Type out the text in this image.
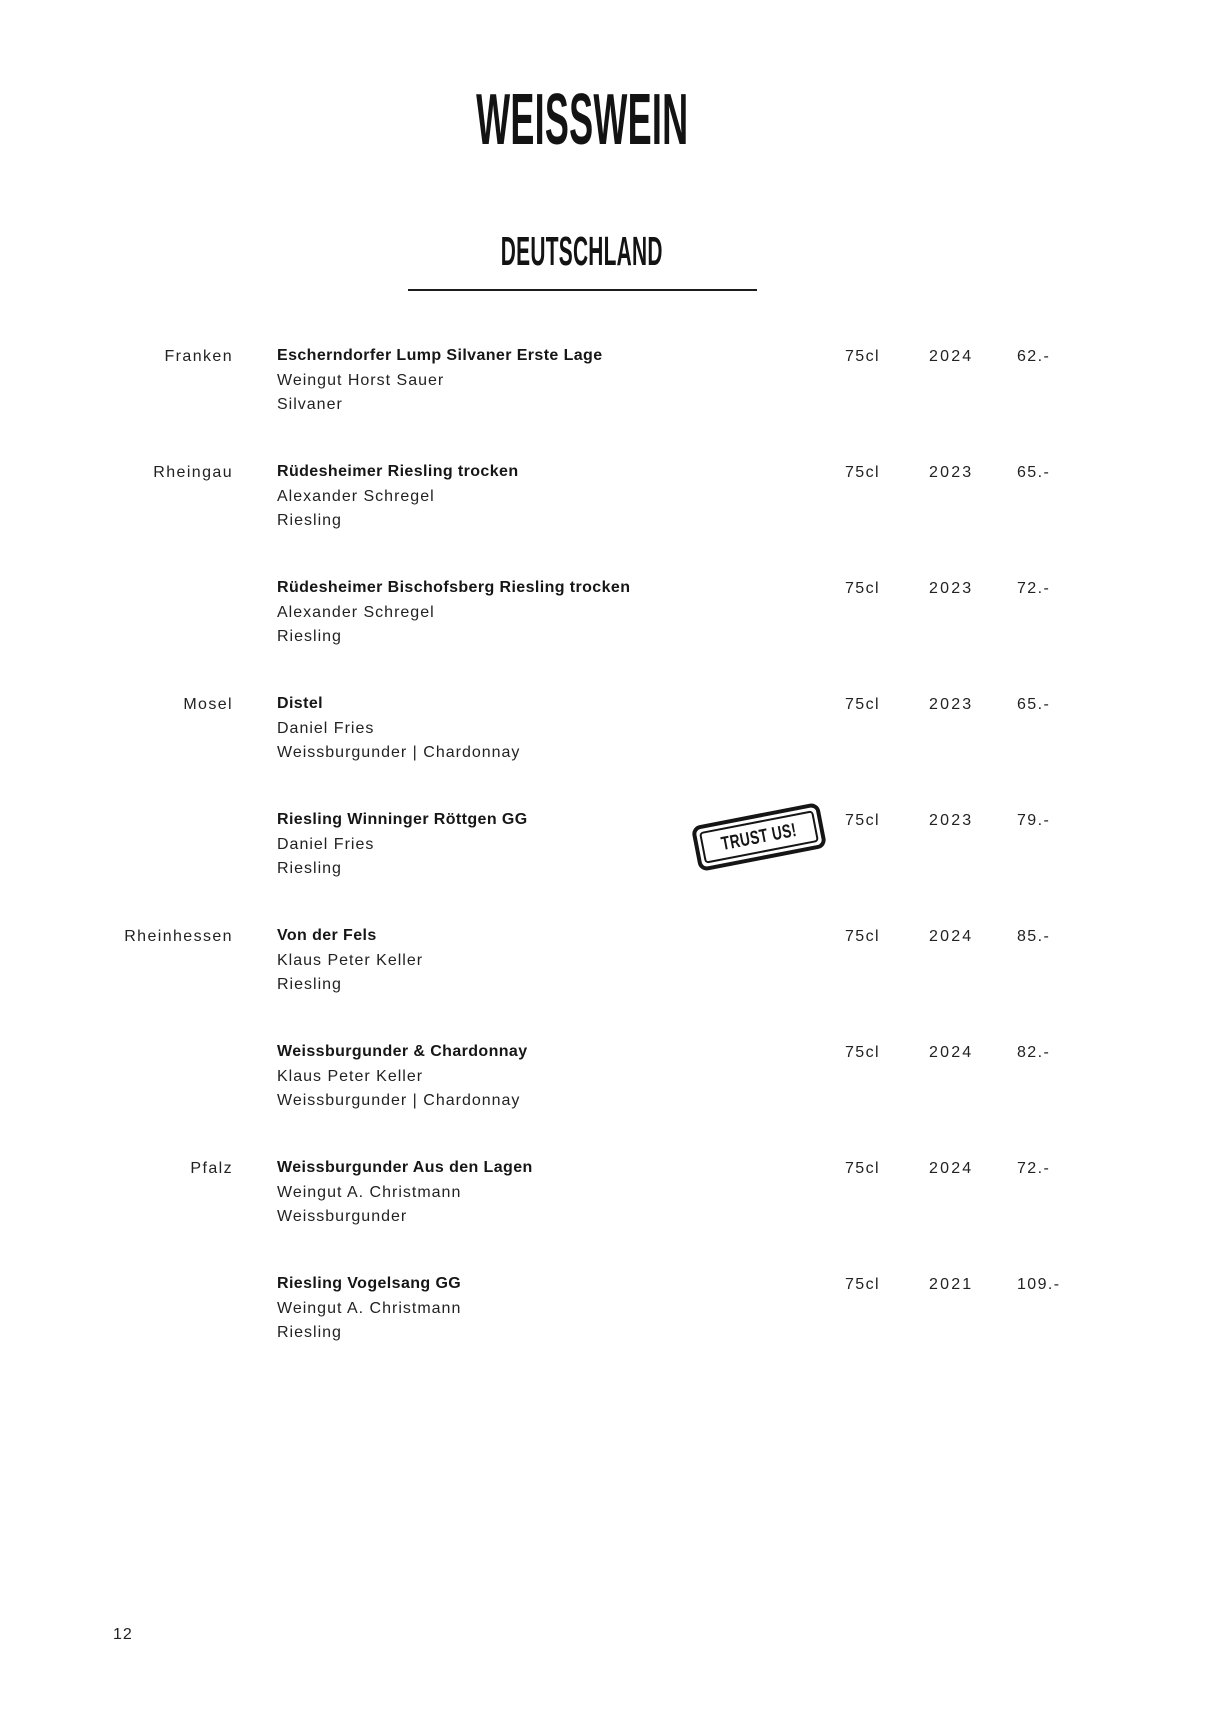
WEISSWEIN
DEUTSCHLAND
Franken	Escherndorfer Lump Silvaner Erste Lage
Weingut Horst Sauer
Silvaner
75cl	2024	62.-
Rheingau	Rüdesheimer Riesling trocken
Alexander Schregel
Riesling
75cl	2023	65.-
Rüdesheimer Bischofsberg Riesling trocken
Alexander Schregel
Riesling
75cl	2023	72.-
Mosel	Distel
Daniel Fries
Weissburgunder | Chardonnay
75cl	2023	65.-
Riesling Winninger Röttgen GG
Daniel Fries
Riesling
75cl	2023	79.-
TRUST US!
Rheinhessen	Von der Fels
Klaus Peter Keller
Riesling
75cl	2024	85.-
Weissburgunder & Chardonnay
Klaus Peter Keller
Weissburgunder | Chardonnay
75cl	2024	82.-
Pfalz	Weissburgunder Aus den Lagen
Weingut A. Christmann
Weissburgunder
75cl	2024	72.-
Riesling Vogelsang GG
Weingut A. Christmann
Riesling
75cl	2021	109.-
12
